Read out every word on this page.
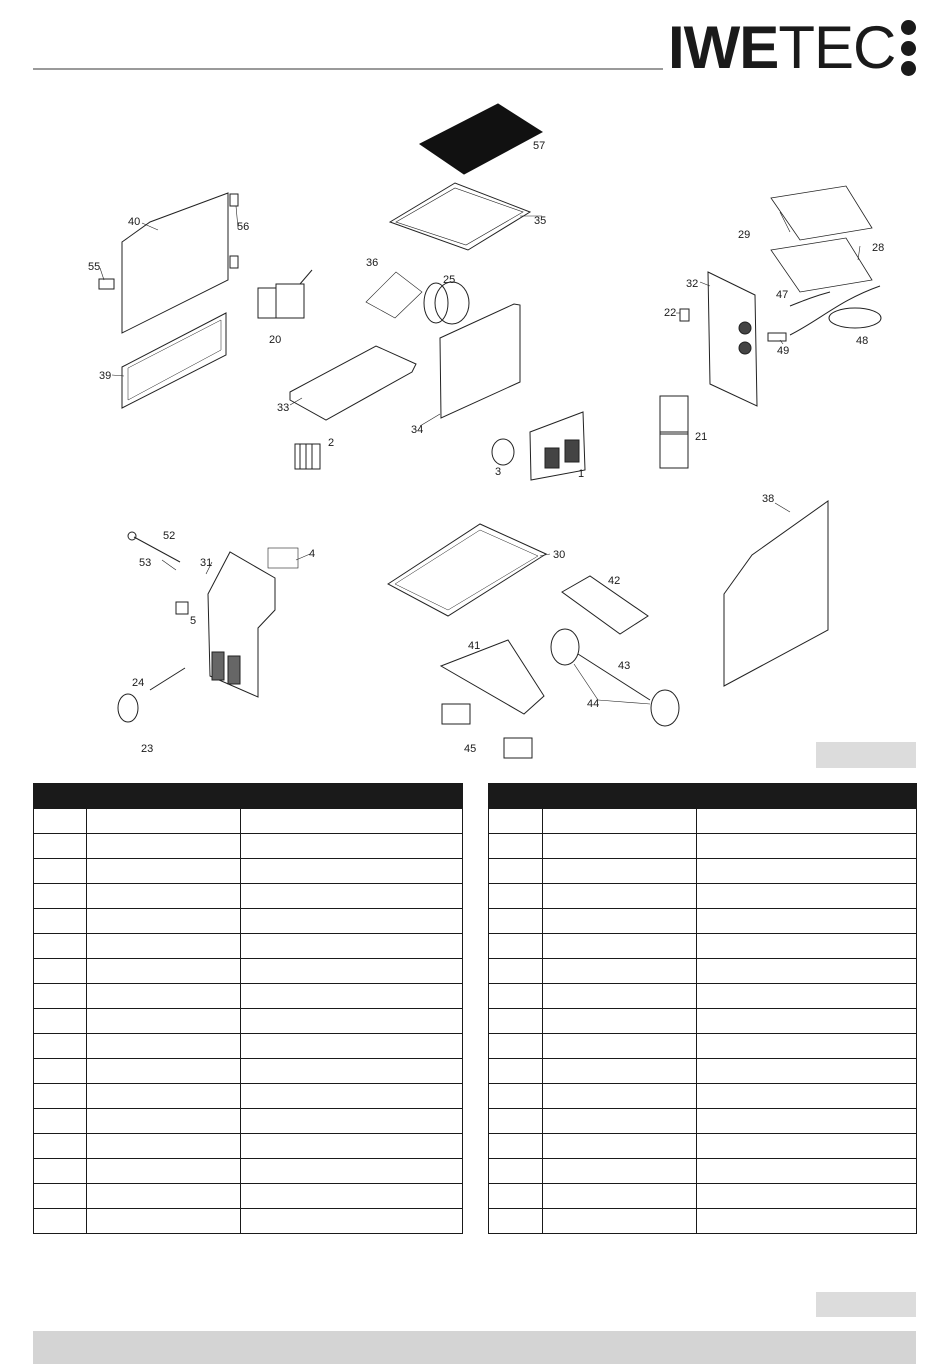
IWETEC
57
35
40	56
55
39
20
36
25
33
34
2
3	1
29
28
32
47
22
49
48
21
52
53	31
4
5
24
23
30
42
38
41
43
44
45
